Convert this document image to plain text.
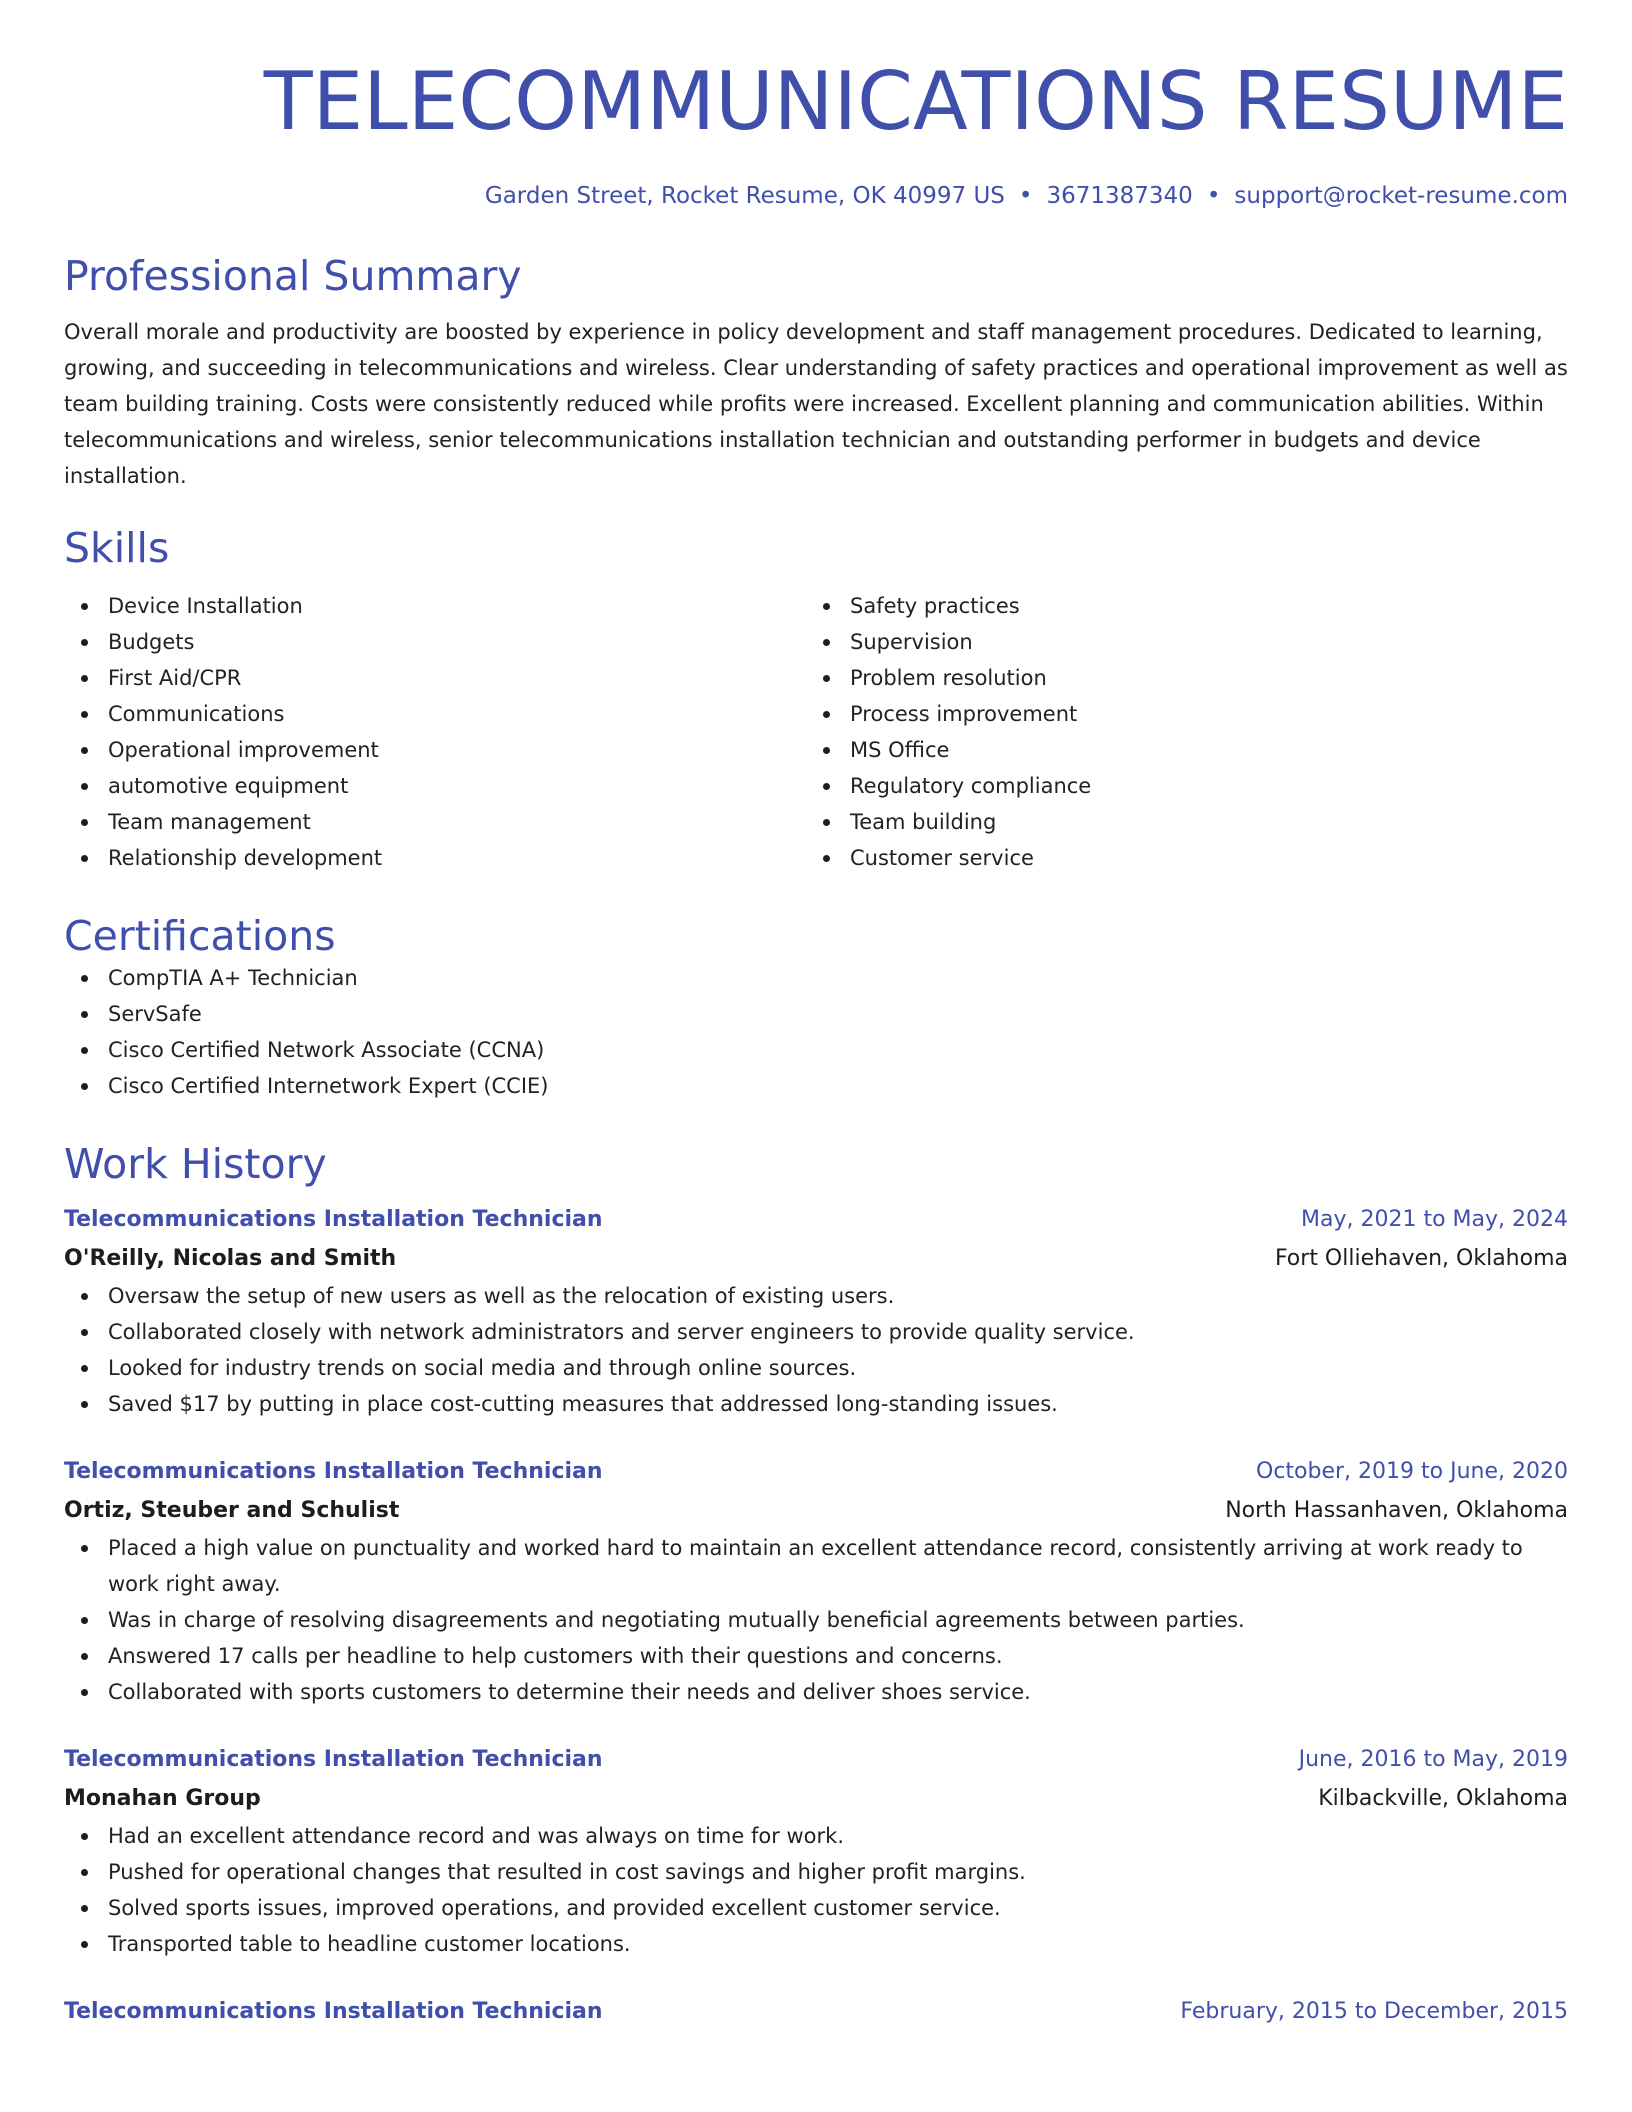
TELECOMMUNICATIONS RESUME
Garden Street, Rocket Resume, OK 40997 US • 3671387340 • support@rocket-resume.com
Professional Summary
Overall morale and productivity are boosted by experience in policy development and staff management procedures. Dedicated to learning, growing, and succeeding in telecommunications and wireless. Clear understanding of safety practices and operational improvement as well as team building training. Costs were consistently reduced while profits were increased. Excellent planning and communication abilities. Within telecommunications and wireless, senior telecommunications installation technician and outstanding performer in budgets and device installation.
Skills
Device Installation
Budgets
First Aid/CPR
Communications
Operational improvement
automotive equipment
Team management
Relationship development
Safety practices
Supervision
Problem resolution
Process improvement
MS Office
Regulatory compliance
Team building
Customer service
Certifications
CompTIA A+ Technician
ServSafe
Cisco Certified Network Associate (CCNA)
Cisco Certified Internetwork Expert (CCIE)
Work History
Telecommunications Installation Technician	May, 2021 to May, 2024
O'Reilly, Nicolas and Smith	Fort Olliehaven, Oklahoma
Oversaw the setup of new users as well as the relocation of existing users.
Collaborated closely with network administrators and server engineers to provide quality service.
Looked for industry trends on social media and through online sources.
Saved $17 by putting in place cost-cutting measures that addressed long-standing issues.
Telecommunications Installation Technician	October, 2019 to June, 2020
Ortiz, Steuber and Schulist	North Hassanhaven, Oklahoma
Placed a high value on punctuality and worked hard to maintain an excellent attendance record, consistently arriving at work ready to work right away.
Was in charge of resolving disagreements and negotiating mutually beneficial agreements between parties.
Answered 17 calls per headline to help customers with their questions and concerns.
Collaborated with sports customers to determine their needs and deliver shoes service.
Telecommunications Installation Technician	June, 2016 to May, 2019
Monahan Group	Kilbackville, Oklahoma
Had an excellent attendance record and was always on time for work.
Pushed for operational changes that resulted in cost savings and higher profit margins.
Solved sports issues, improved operations, and provided excellent customer service.
Transported table to headline customer locations.
Telecommunications Installation Technician	February, 2015 to December, 2015
